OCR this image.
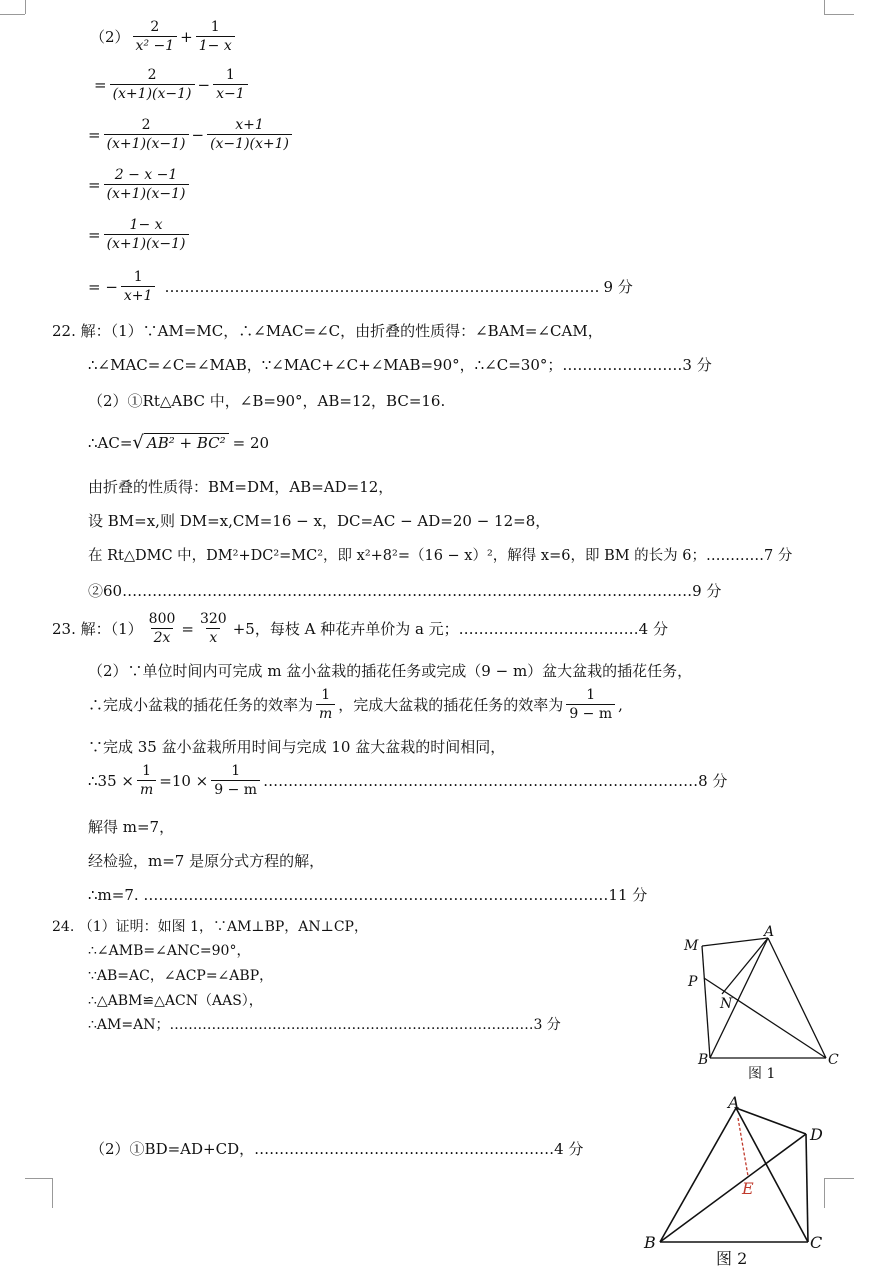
$(2) \frac{2}{\text{x² −1}} + \frac{1}{1- x}$
= $\frac{2}{(x+1)(x-1)} - \frac{1}{x-1}$
= $\frac{2}{(x+1)(x-1)} - \frac{x+1}{(x-1)(x+1)}$
= $\frac{2 - x -1}{(x+1)(x-1)}$
= $\frac{1- x}{(x+1)(x-1)}$
= − $\frac{1}{x+1}$ …………………………………………………………………………… 9 分
22. 解：（1）∵AM=MC，∴∠MAC=∠C，由折叠的性质得：∠BAM=∠CAM，
∴∠MAC=∠C=∠MAB，∵∠MAC+∠C+∠MAB=90°，∴∠C=30°；……………………3 分
（2）①Rt△ABC 中，∠B=90°，AB=12，BC=16.
∴AC= √ AB² + BC² = 20
由折叠的性质得：BM=DM，AB=AD=12，
设 BM=x,则 DM=x,CM=16 − x，DC=AC − AD=20 − 12=8，
在 Rt△DMC 中，DM²+DC²=MC²，即 x²+8²=（16 − x）²，解得 x=6，即 BM 的长为 6；…………7 分
②60……………………………………………………………………………………………………9 分
23. 解：$(1) \frac{800}{2x} = \frac{320}{x} +5$，每枝 A 种花卉单价为 a 元；………………………………4 分
（2）∵单位时间内可完成 m 盆小盆栽的插花任务或完成（9 − m）盆大盆栽的插花任务，
∴完成小盆栽的插花任务的效率为 $\frac{1}{m}$ ，完成大盆栽的插花任务的效率为 $\frac{1}{9 - m}$ ,
∵完成 35 盆小盆栽所用时间与完成 10 盆大盆栽的时间相同，
∴35 × $\frac{1}{m} =10 \times \frac{1}{9 - m}$ ……………………………………………………………………………8 分
解得 m=7，
经检验，m=7 是原分式方程的解，
∴m=7. …………………………………………………………………………………11 分
24. （1）证明：如图 1，∵AM⊥BP，AN⊥CP，
∴∠AMB=∠ANC=90°，
∵AB=AC，∠ACP=∠ABP，
∴△ABM≌△ACN（AAS），
∴AM=AN；……………………………………………………………………3 分
（2）①BD=AD+CD，……………………………………………………4 分
M
A
P
N
B	C
图 1
A
D
B	C
E
图 2
